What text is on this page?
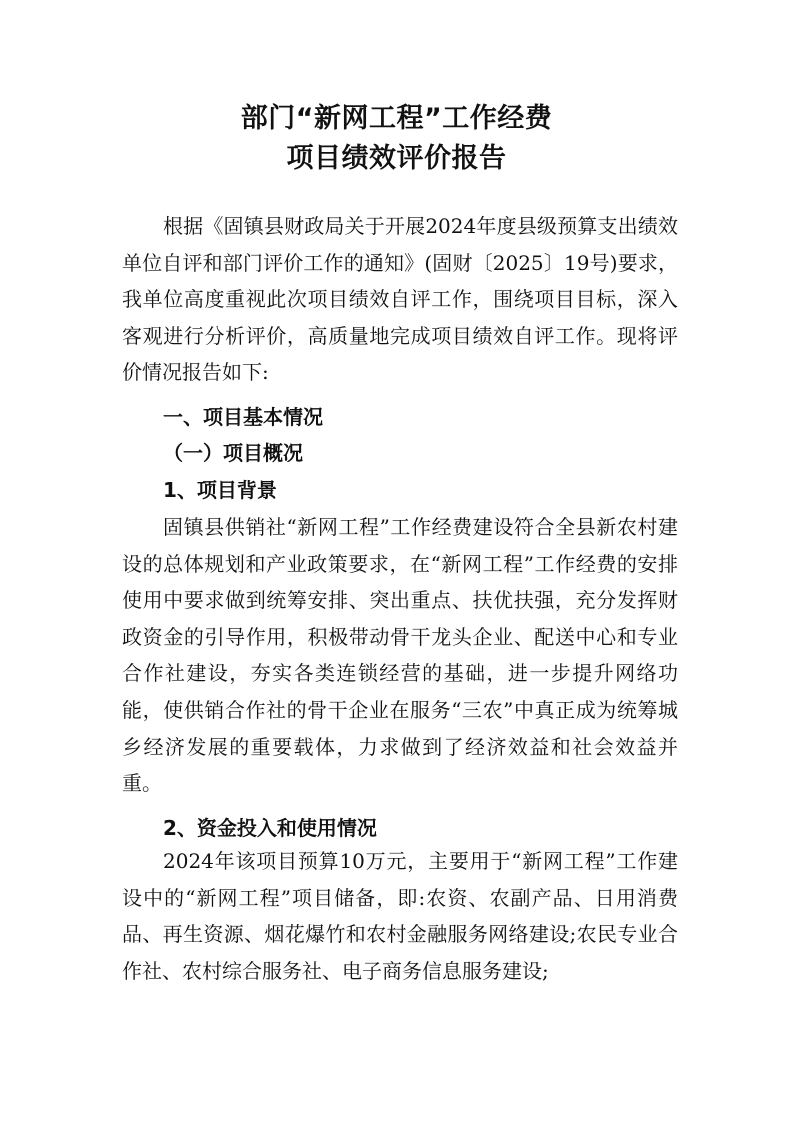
部门“新网工程”工作经费
项目绩效评价报告
根据《固镇县财政局关于开展2024年度县级预算支出绩效单位自评和部门评价工作的通知》(固财〔2025〕19号)要求，我单位高度重视此次项目绩效自评工作，围绕项目目标，深入客观进行分析评价，高质量地完成项目绩效自评工作。现将评价情况报告如下:
一、项目基本情况
（一）项目概况
1、项目背景
固镇县供销社“新网工程”工作经费建设符合全县新农村建设的总体规划和产业政策要求，在“新网工程”工作经费的安排使用中要求做到统筹安排、突出重点、扶优扶强，充分发挥财政资金的引导作用，积极带动骨干龙头企业、配送中心和专业合作社建设，夯实各类连锁经营的基础，进一步提升网络功能，使供销合作社的骨干企业在服务“三农”中真正成为统筹城乡经济发展的重要载体，力求做到了经济效益和社会效益并重。
2、资金投入和使用情况
2024年该项目预算10万元，主要用于“新网工程”工作建设中的“新网工程”项目储备，即:农资、农副产品、日用消费品、再生资源、烟花爆竹和农村金融服务网络建设;农民专业合作社、农村综合服务社、电子商务信息服务建设;
